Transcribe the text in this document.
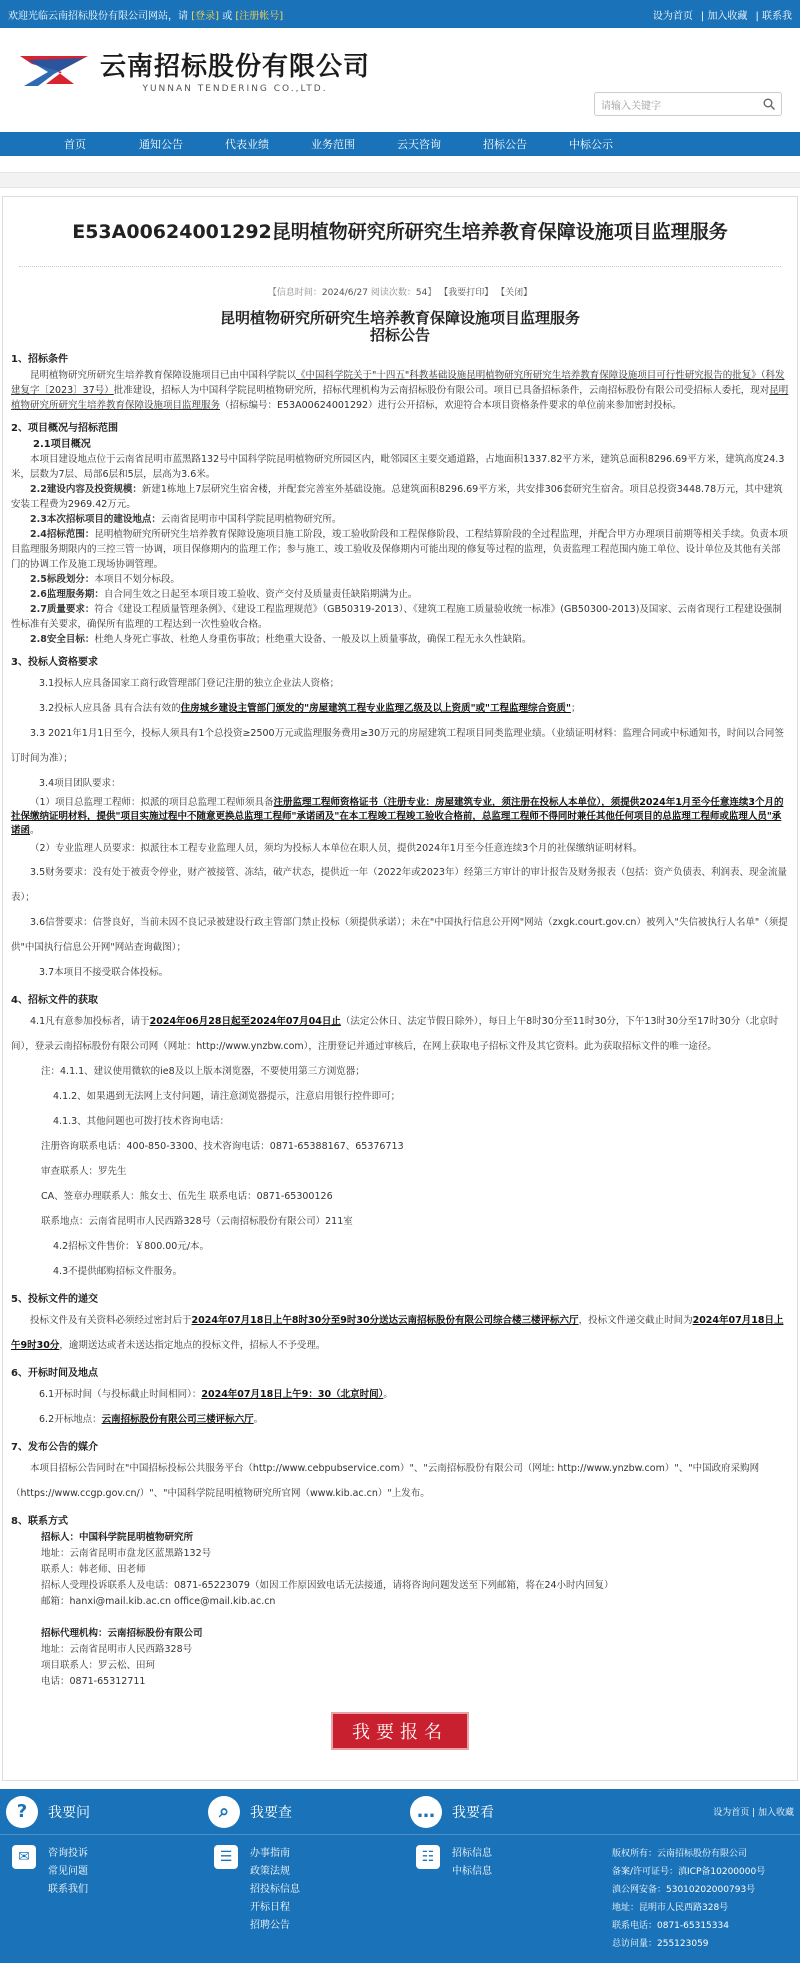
欢迎光临云南招标股份有限公司网站，请 [登录] 或 [注册帐号]	设为首页 | 加入收藏 | 联系我
云南招标股份有限公司
YUNNAN TENDERING CO.,LTD.
请输入关键字
首页	通知公告	代表业绩	业务范围	云天咨询	招标公告	中标公示
E53A00624001292昆明植物研究所研究生培养教育保障设施项目监理服务
【信息时间：2024/6/27 阅读次数：54】 【我要打印】 【关闭】
昆明植物研究所研究生培养教育保障设施项目监理服务
招标公告
1、招标条件
昆明植物研究所研究生培养教育保障设施项目已由中国科学院以《中国科学院关于"十四五"科教基础设施昆明植物研究所研究生培养教育保障设施项目可行性研究报告的批复》（科发建复字〔2023〕37号）批准建设，招标人为中国科学院昆明植物研究所，招标代理机构为云南招标股份有限公司。项目已具备招标条件，云南招标股份有限公司受招标人委托，现对昆明植物研究所研究生培养教育保障设施项目监理服务（招标编号：E53A00624001292）进行公开招标，欢迎符合本项目资格条件要求的单位前来参加密封投标。
2、项目概况与招标范围
2.1项目概况
本项目建设地点位于云南省昆明市蓝黑路132号中国科学院昆明植物研究所园区内，毗邻园区主要交通道路，占地面积1337.82平方米，建筑总面积8296.69平方米，建筑高度24.3米，层数为7层、局部6层和5层，层高为3.6米。
2.2建设内容及投资规模：新建1栋地上7层研究生宿舍楼，并配套完善室外基础设施。总建筑面积8296.69平方米，共安排306套研究生宿舍。项目总投资3448.78万元，其中建筑安装工程费为2969.42万元。
2.3本次招标项目的建设地点：云南省昆明市中国科学院昆明植物研究所。
2.4招标范围：昆明植物研究所研究生培养教育保障设施项目施工阶段，竣工验收阶段和工程保修阶段、工程结算阶段的全过程监理，并配合甲方办理项目前期等相关手续。负责本项目监理服务期限内的三控三管一协调，项目保修期内的监理工作；参与施工、竣工验收及保修期内可能出现的修复等过程的监理，负责监理工程范围内施工单位、设计单位及其他有关部门的协调工作及施工现场协调管理。
2.5标段划分：本项目不划分标段。
2.6监理服务期：自合同生效之日起至本项目竣工验收、资产交付及质量责任缺陷期满为止。
2.7质量要求：符合《建设工程质量管理条例》、《建设工程监理规范》（GB50319-2013）、《建筑工程施工质量验收统一标准》(GB50300-2013)及国家、云南省现行工程建设强制性标准有关要求，确保所有监理的工程达到一次性验收合格。
2.8安全目标：杜绝人身死亡事故、杜绝人身重伤事故；杜绝重大设备、一般及以上质量事故，确保工程无永久性缺陷。
3、投标人资格要求
3.1投标人应具备国家工商行政管理部门登记注册的独立企业法人资格；
3.2投标人应具备 具有合法有效的住房城乡建设主管部门颁发的"房屋建筑工程专业监理乙级及以上资质"或"工程监理综合资质"；
3.3 2021年1月1日至今，投标人须具有1个总投资≥2500万元或监理服务费用≥30万元的房屋建筑工程项目同类监理业绩。（业绩证明材料：监理合同或中标通知书，时间以合同签订时间为准）；
3.4项目团队要求：
（1）项目总监理工程师：拟派的项目总监理工程师须具备注册监理工程师资格证书（注册专业：房屋建筑专业，须注册在投标人本单位），须提供2024年1月至今任意连续3个月的社保缴纳证明材料，提供"项目实施过程中不随意更换总监理工程师"承诺函及"在本工程竣工程竣工验收合格前，总监理工程师不得同时兼任其他任何项目的总监理工程师或监理人员"承诺函。
（2）专业监理人员要求：拟派往本工程专业监理人员，须均为投标人本单位在职人员，提供2024年1月至今任意连续3个月的社保缴纳证明材料。
3.5财务要求：没有处于被责令停业，财产被接管、冻结，破产状态，提供近一年（2022年或2023年）经第三方审计的审计报告及财务报表（包括：资产负债表、利润表、现金流量表）；
3.6信誉要求：信誉良好，当前未因不良记录被建设行政主管部门禁止投标（须提供承诺）；未在"中国执行信息公开网"网站（zxgk.court.gov.cn）被列入"失信被执行人名单"（须提供"中国执行信息公开网"网站查询截图）；
3.7本项目不接受联合体投标。
4、招标文件的获取
4.1凡有意参加投标者，请于2024年06月28日起至2024年07月04日止（法定公休日、法定节假日除外），每日上午8时30分至11时30分，下午13时30分至17时30分（北京时间），登录云南招标股份有限公司网（网址：http://www.ynzbw.com），注册登记并通过审核后，在网上获取电子招标文件及其它资料。此为获取招标文件的唯一途径。
注：4.1.1、建议使用微软的ie8及以上版本浏览器，不要使用第三方浏览器；
4.1.2、如果遇到无法网上支付问题，请注意浏览器提示，注意启用银行控件即可；
4.1.3、其他问题也可拨打技术咨询电话：
注册咨询联系电话：400-850-3300、技术咨询电话：0871-65388167、65376713
审查联系人：罗先生
CA、签章办理联系人：熊女士、伍先生 联系电话：0871-65300126
联系地点：云南省昆明市人民西路328号（云南招标股份有限公司）211室
4.2招标文件售价：￥800.00元/本。
4.3不提供邮购招标文件服务。
5、投标文件的递交
投标文件及有关资料必须经过密封后于2024年07月18日上午8时30分至9时30分送达云南招标股份有限公司综合楼三楼评标六厅，投标文件递交截止时间为2024年07月18日上午9时30分，逾期送达或者未送达指定地点的投标文件，招标人不予受理。
6、开标时间及地点
6.1开标时间（与投标截止时间相同）：2024年07月18日上午9：30（北京时间）。
6.2开标地点：云南招标股份有限公司三楼评标六厅。
7、发布公告的媒介
本项目招标公告同时在"中国招标投标公共服务平台（http://www.cebpubservice.com）"、"云南招标股份有限公司（网址: http://www.ynzbw.com）"、"中国政府采购网（https://www.ccgp.gov.cn/）"、"中国科学院昆明植物研究所官网（www.kib.ac.cn）"上发布。
8、联系方式
招标人：中国科学院昆明植物研究所
地址：云南省昆明市盘龙区蓝黑路132号
联系人：韩老师、田老师
招标人受理投诉联系人及电话：0871-65223079（如因工作原因致电话无法接通，请将咨询问题发送至下列邮箱，将在24小时内回复）
邮箱：hanxi@mail.kib.ac.cn office@mail.kib.ac.cn
招标代理机构：云南招标股份有限公司
地址：云南省昆明市人民西路328号
项目联系人：罗云松、田珂
电话：0871-65312711
我要报名
?	我要问	⌕	我要查	…	我要看	设为首页 | 加入收藏
✉	咨询投诉
常见问题
联系我们
☰	办事指南
政策法规
招投标信息
开标日程
招聘公告
☷	招标信息
中标信息
版权所有：云南招标股份有限公司
备案/许可证号：滇ICP备10200000号
滇公网安备：53010202000793号
地址：昆明市人民西路328号
联系电话：0871-65315334
总访问量：255123059
